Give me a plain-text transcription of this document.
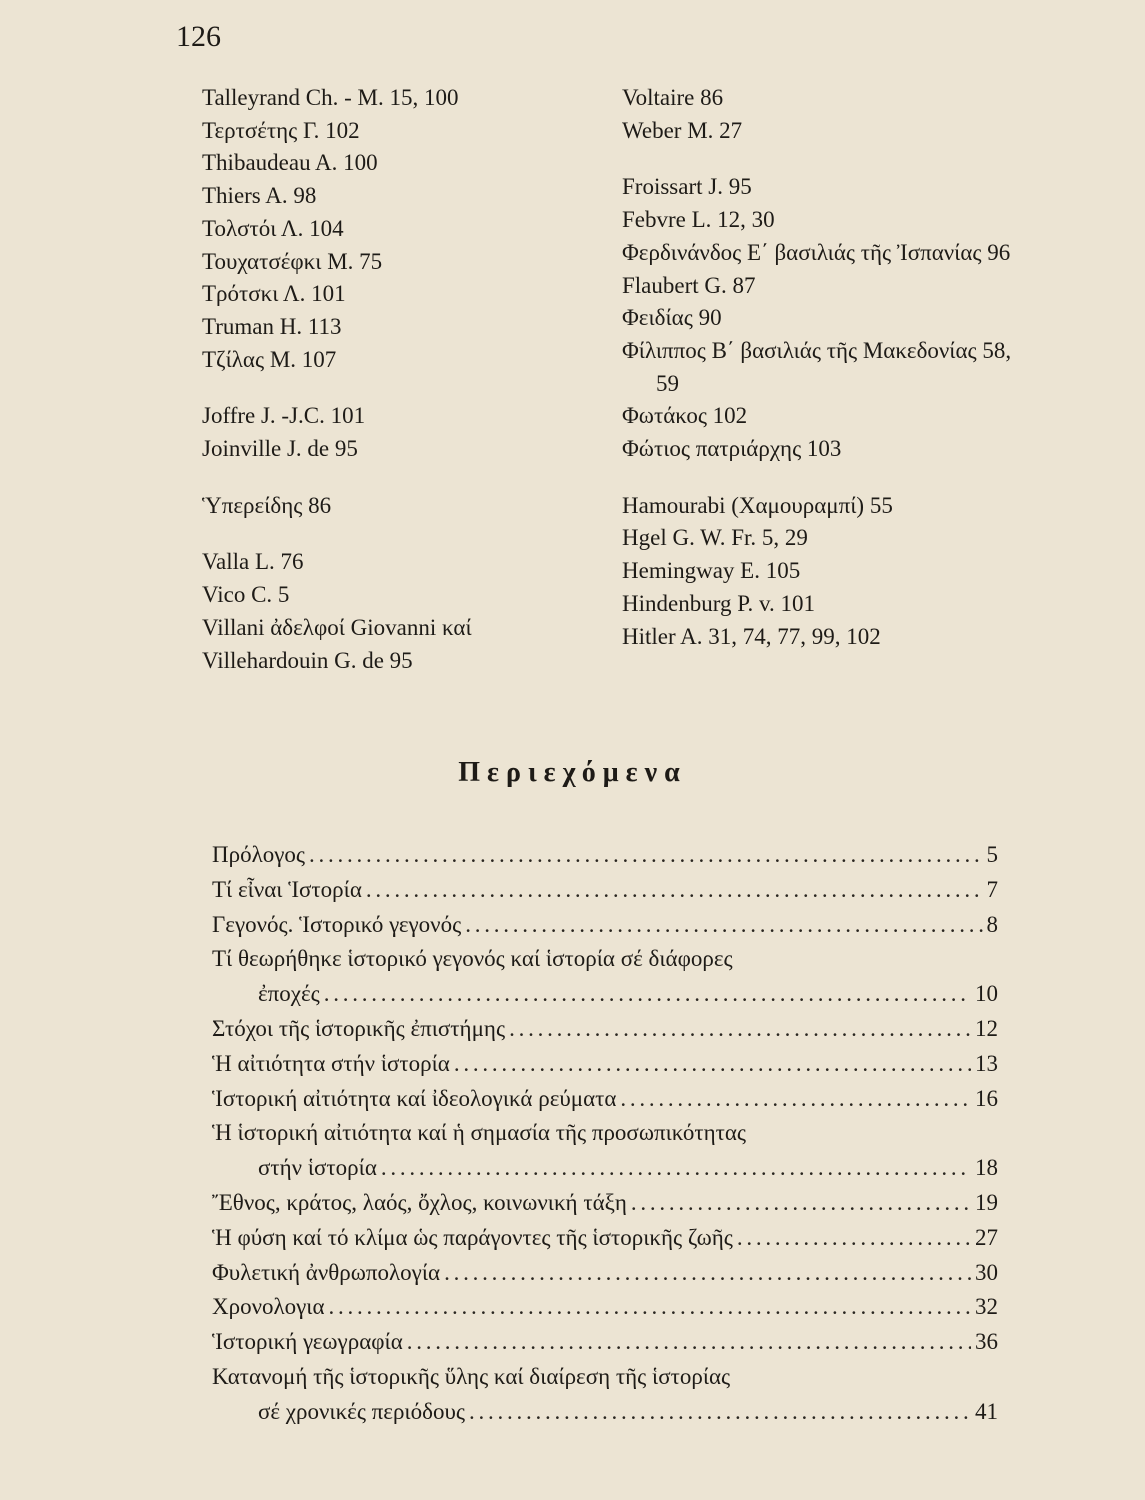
126
Talleyrand Ch. - M. 15, 100
Τερτσέτης Γ. 102
Thibaudeau A. 100
Thiers A. 98
Τολστόι Λ. 104
Τουχατσέφκι Μ. 75
Τρότσκι Λ. 101
Truman H. 113
Τζίλας Μ. 107
Joffre J. -J.C. 101
Joinville J. de 95
Ὑπερείδης 86
Valla L. 76
Vico C. 5
Villani ἀδελφοί Giovanni καί
Villehardouin G. de 95
Voltaire 86
Weber M. 27
Froissart J. 95
Febvre L. 12, 30
Φερδινάνδος Ε΄ βασιλιάς τῆς Ἰσπανίας 96
Flaubert G. 87
Φειδίας 90
Φίλιππος Β΄ βασιλιάς τῆς Μακεδονίας 58, 59
Φωτάκος 102
Φώτιος πατριάρχης 103
Hamourabi (Χαμουραμπί) 55
Hgel G. W. Fr. 5, 29
Hemingway E. 105
Hindenburg P. v. 101
Hitler A. 31, 74, 77, 99, 102
Περιεχόμενα
Πρόλογος . . .	5
Τί εἶναι Ἱστορία . . .	7
Γεγονός. Ἱστορικό γεγονός . . .	8
Τί θεωρήθηκε ἱστορικό γεγονός καί ἱστορία σέ διάφορες
ἐποχές . . .	10
Στόχοι τῆς ἱστορικῆς ἐπιστήμης . . .	12
Ἡ αἰτιότητα στήν ἱστορία . . .	13
Ἱστορική αἰτιότητα καί ἰδεολογικά ρεύματα . . .	16
Ἡ ἱστορική αἰτιότητα καί ἡ σημασία τῆς προσωπικότητας
στήν ἱστορία . . .	18
Ἔθνος, κράτος, λαός, ὄχλος, κοινωνική τάξη . . .	19
Ἡ φύση καί τό κλίμα ὡς παράγοντες τῆς ἱστορικῆς ζωῆς . . .	27
Φυλετική ἀνθρωπολογία . . .	30
Χρονολογια . . .	32
Ἱστορική γεωγραφία . . .	36
Κατανομή τῆς ἱστορικῆς ὕλης καί διαίρεση τῆς ἱστορίας
σέ χρονικές περιόδους . . .	41
